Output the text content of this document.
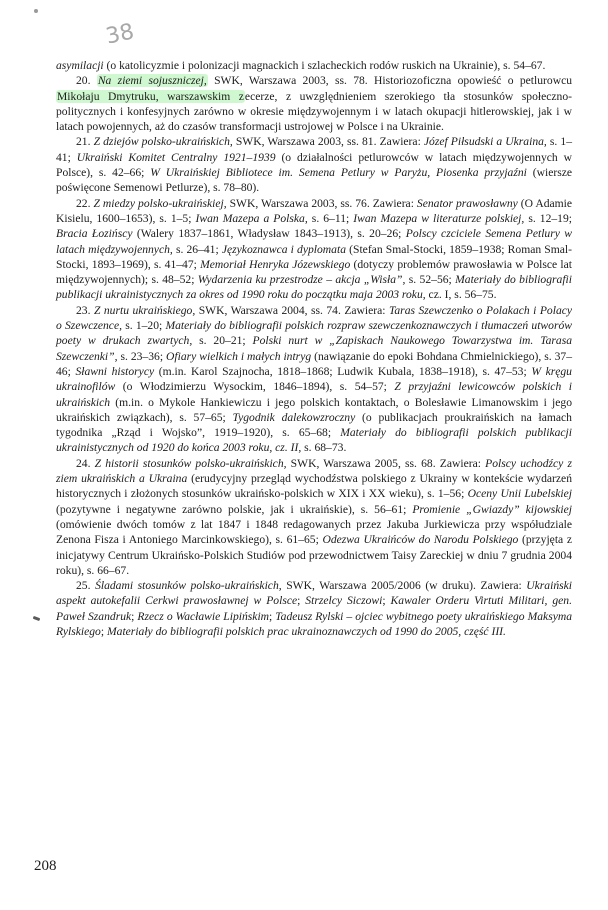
38

asymilacji (o katolicyzmie i polonizacji magnackich i szlacheckich rodów ruskich na Ukrainie), s. 54–67.

20. Na ziemi sojuszniczej, SWK, Warszawa 2003, ss. 78. Historiozoficzna opowieść o petlurowcu Mikołaju Dmytruku, warszawskim zecerze, z uwzględnieniem szerokiego tła stosunków społeczno-politycznych i konfesyjnych zarówno w okresie międzywojennym i w latach okupacji hitlerowskiej, jak i w latach powojennych, aż do czasów transformacji ustrojowej w Polsce i na Ukrainie.

21. Z dziejów polsko-ukraińskich, SWK, Warszawa 2003, ss. 81. Zawiera: Józef Piłsudski a Ukraina, s. 1–41; Ukraiński Komitet Centralny 1921–1939 (o działalności petlurowców w latach międzywojennych w Polsce), s. 42–66; W Ukraińskiej Bibliotece im. Semena Petlury w Paryżu, Piosenka przyjaźni (wiersze poświęcone Semenowi Petlurze), s. 78–80).

22. Z miedzy polsko-ukraińskiej, SWK, Warszawa 2003, ss. 76. Zawiera: Senator prawosławny (O Adamie Kisielu, 1600–1653), s. 1–5; Iwan Mazepa a Polska, s. 6–11; Iwan Mazepa w literaturze polskiej, s. 12–19; Bracia Łozińscy (Walery 1837–1861, Władysław 1843–1913), s. 20–26; Polscy czciciele Semena Petlury w latach międzywojennych, s. 26–41; Językoznawca i dyplomata (Stefan Smal-Stocki, 1859–1938; Roman Smal-Stocki, 1893–1969), s. 41–47; Memoriał Henryka Józewskiego (dotyczy problemów prawosławia w Polsce lat międzywojennych); s. 48–52; Wydarzenia ku przestrodze – akcja „Wisła”, s. 52–56; Materiały do bibliografii publikacji ukrainistycznych za okres od 1990 roku do początku maja 2003 roku, cz. I, s. 56–75.

23. Z nurtu ukraińskiego, SWK, Warszawa 2004, ss. 74. Zawiera: Taras Szewczenko o Polakach i Polacy o Szewczence, s. 1–20; Materiały do bibliografii polskich rozpraw szewczenkoznawczych i tłumaczeń utworów poety w drukach zwartych, s. 20–21; Polski nurt w „Zapiskach Naukowego Towarzystwa im. Tarasa Szewczenki”, s. 23–36; Ofiary wielkich i małych intryg (nawiązanie do epoki Bohdana Chmielnickiego), s. 37–46; Sławni historycy (m.in. Karol Szajnocha, 1818–1868; Ludwik Kubala, 1838–1918), s. 47–53; W kręgu ukrainofilów (o Włodzimierzu Wysockim, 1846–1894), s. 54–57; Z przyjaźni lewicowców polskich i ukraińskich (m.in. o Mykole Hankiewiczu i jego polskich kontaktach, o Bolesławie Limanowskim i jego ukraińskich związkach), s. 57–65; Tygodnik dalekowzroczny (o publikacjach proukraińskich na łamach tygodnika „Rząd i Wojsko”, 1919–1920), s. 65–68; Materiały do bibliografii polskich publikacji ukrainistycznych od 1920 do końca 2003 roku, cz. II, s. 68–73.

24. Z historii stosunków polsko-ukraińskich, SWK, Warszawa 2005, ss. 68. Zawiera: Polscy uchodźcy z ziem ukraińskich a Ukraina (erudycyjny przegląd wychodźstwa polskiego z Ukrainy w kontekście wydarzeń historycznych i złożonych stosunków ukraińsko-polskich w XIX i XX wieku), s. 1–56; Oceny Unii Lubelskiej (pozytywne i negatywne zarówno polskie, jak i ukraińskie), s. 56–61; Promienie „Gwiazdy” kijowskiej (omówienie dwóch tomów z lat 1847 i 1848 redagowanych przez Jakuba Jurkiewicza przy współudziale Zenona Fisza i Antoniego Marcinkowskiego), s. 61–65; Odezwa Ukraińców do Narodu Polskiego (przyjęta z inicjatywy Centrum Ukraińsko-Polskich Studiów pod przewodnictwem Taisy Zareckiej w dniu 7 grudnia 2004 roku), s. 66–67.

25. Śladami stosunków polsko-ukraińskich, SWK, Warszawa 2005/2006 (w druku). Zawiera: Ukraiński aspekt autokefalii Cerkwi prawosławnej w Polsce; Strzelcy Siczowi; Kawaler Orderu Virtuti Militari, gen. Paweł Szandruk; Rzecz o Wacławie Lipińskim; Tadeusz Rylski – ojciec wybitnego poety ukraińskiego Maksyma Rylskiego; Materiały do bibliografii polskich prac ukrainoznawczych od 1990 do 2005, część III.

208
